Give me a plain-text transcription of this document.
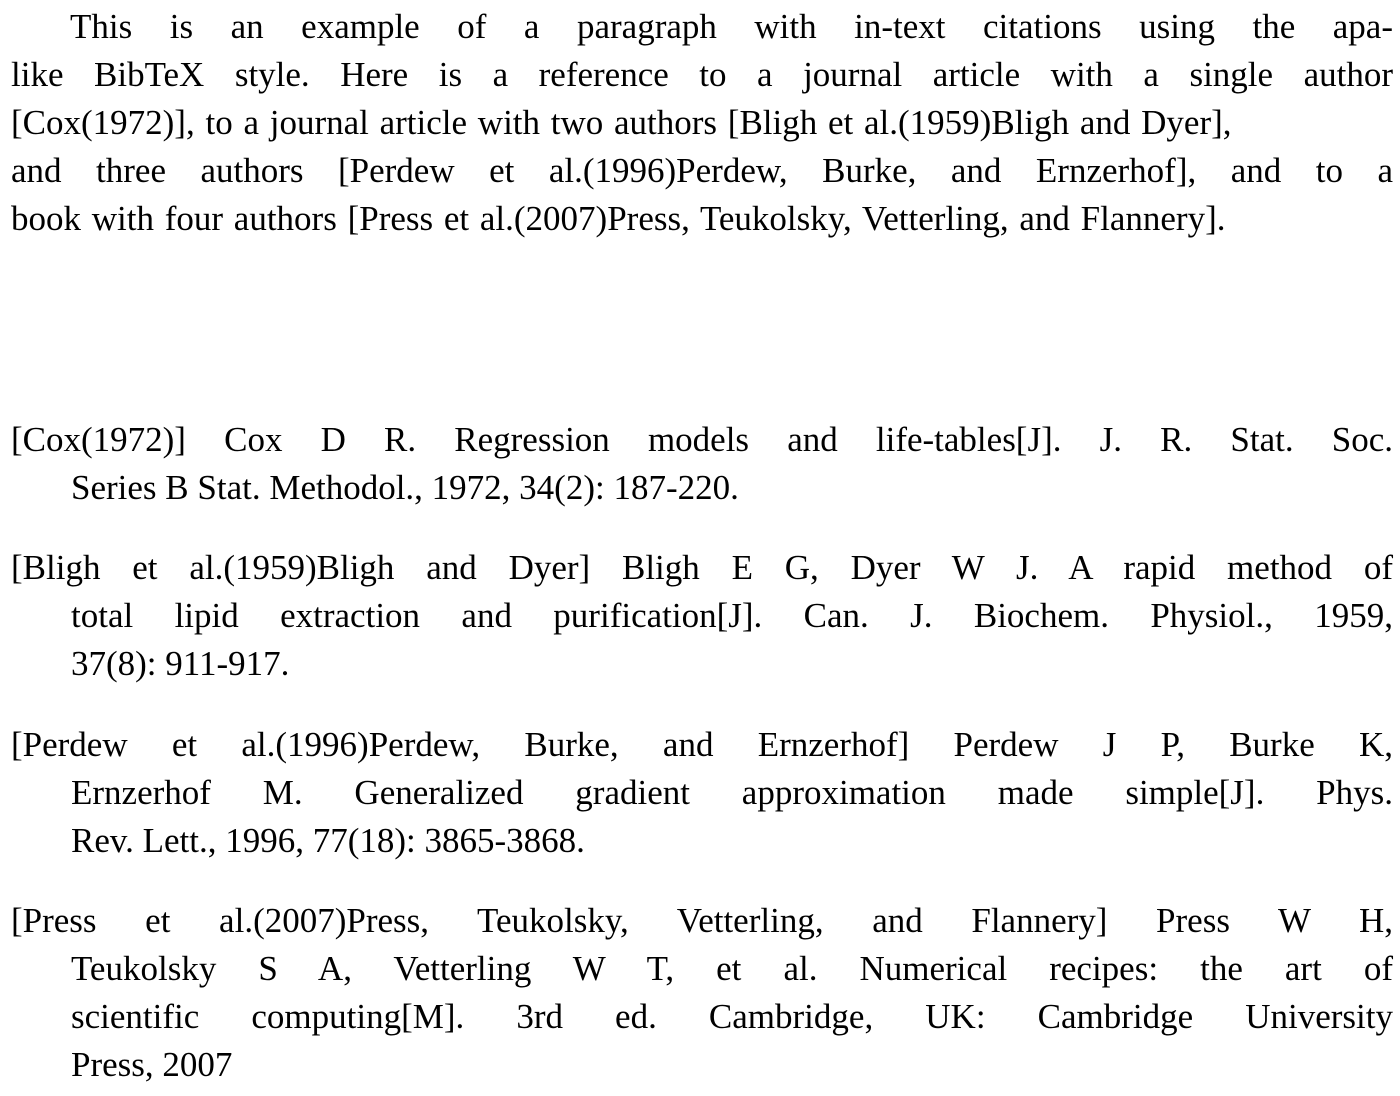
This is an example of a paragraph with in-text citations using the apa-
like BibTeX style. Here is a reference to a journal article with a single author
[Cox(1972)], to a journal article with two authors [Bligh et al.(1959)Bligh and Dyer],
and three authors [Perdew et al.(1996)Perdew, Burke, and Ernzerhof], and to a
book with four authors [Press et al.(2007)Press, Teukolsky, Vetterling, and Flannery].
[Cox(1972)] Cox D R. Regression models and life-tables[J]. J. R. Stat. Soc.
Series B Stat. Methodol., 1972, 34(2): 187-220.
[Bligh et al.(1959)Bligh and Dyer] Bligh E G, Dyer W J. A rapid method of
total lipid extraction and purification[J]. Can. J. Biochem. Physiol., 1959,
37(8): 911-917.
[Perdew et al.(1996)Perdew, Burke, and Ernzerhof] Perdew J P, Burke K,
Ernzerhof M. Generalized gradient approximation made simple[J]. Phys.
Rev. Lett., 1996, 77(18): 3865-3868.
[Press et al.(2007)Press, Teukolsky, Vetterling, and Flannery] Press W H,
Teukolsky S A, Vetterling W T, et al. Numerical recipes: the art of
scientific computing[M]. 3rd ed. Cambridge, UK: Cambridge University
Press, 2007
